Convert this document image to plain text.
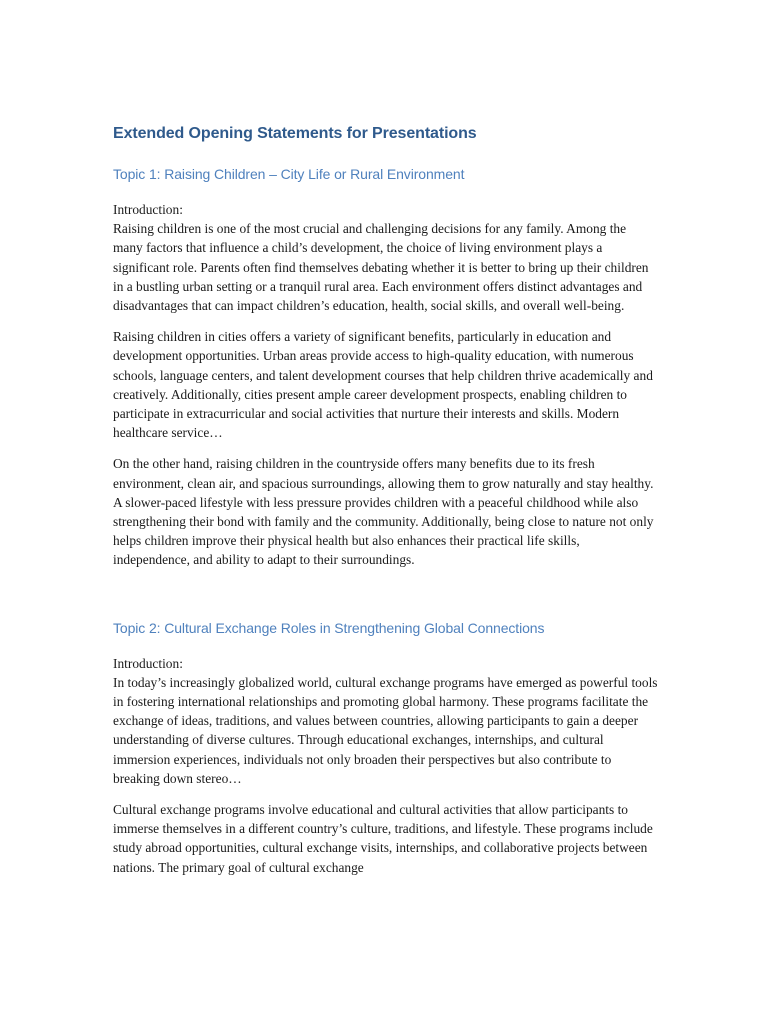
Extended Opening Statements for Presentations
Topic 1: Raising Children – City Life or Rural Environment

Introduction:
Raising children is one of the most crucial and challenging decisions for any family. Among the many factors that influence a child’s development, the choice of living environment plays a significant role. Parents often find themselves debating whether it is better to bring up their children in a bustling urban setting or a tranquil rural area. Each environment offers distinct advantages and disadvantages that can impact children’s education, health, social skills, and overall well-being.

Raising children in cities offers a variety of significant benefits, particularly in education and development opportunities. Urban areas provide access to high-quality education, with numerous schools, language centers, and talent development courses that help children thrive academically and creatively. Additionally, cities present ample career development prospects, enabling children to participate in extracurricular and social activities that nurture their interests and skills. Modern healthcare service…

On the other hand, raising children in the countryside offers many benefits due to its fresh environment, clean air, and spacious surroundings, allowing them to grow naturally and stay healthy. A slower-paced lifestyle with less pressure provides children with a peaceful childhood while also strengthening their bond with family and the community. Additionally, being close to nature not only helps children improve their physical health but also enhances their practical life skills, independence, and ability to adapt to their surroundings.

Topic 2: Cultural Exchange Roles in Strengthening Global Connections

Introduction:
In today’s increasingly globalized world, cultural exchange programs have emerged as powerful tools in fostering international relationships and promoting global harmony. These programs facilitate the exchange of ideas, traditions, and values between countries, allowing participants to gain a deeper understanding of diverse cultures. Through educational exchanges, internships, and cultural immersion experiences, individuals not only broaden their perspectives but also contribute to breaking down stereo…

Cultural exchange programs involve educational and cultural activities that allow participants to immerse themselves in a different country’s culture, traditions, and lifestyle. These programs include study abroad opportunities, cultural exchange visits, internships, and collaborative projects between nations. The primary goal of cultural exchange
